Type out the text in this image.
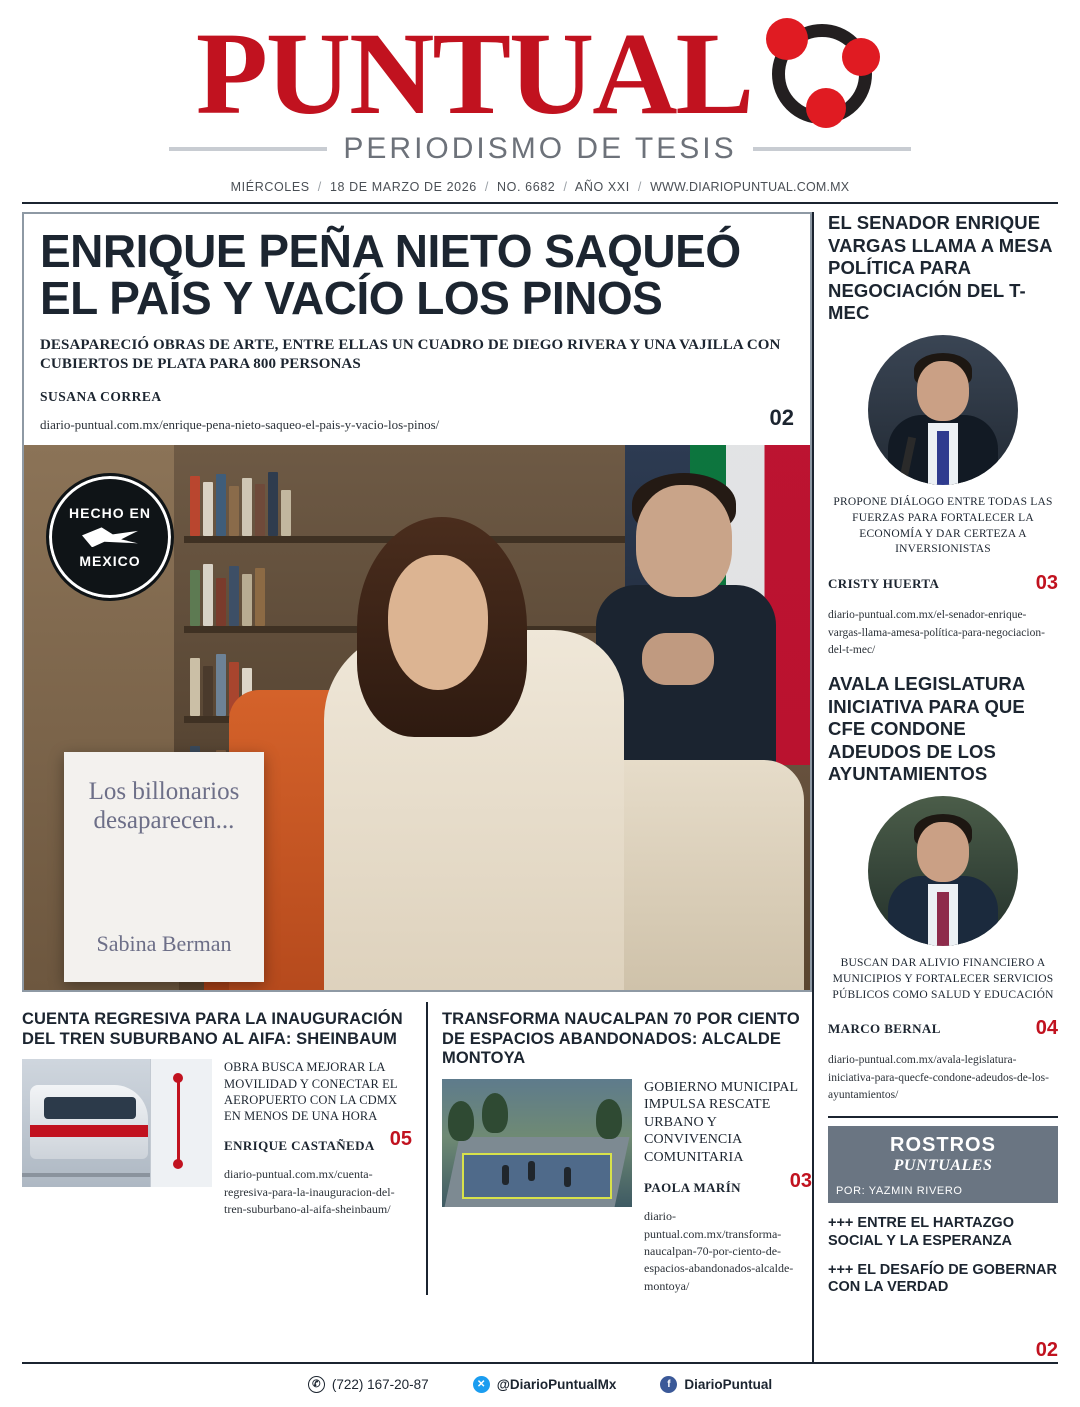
PUNTUAL
PERIODISMO DE TESIS
MIÉRCOLES / 18 DE MARZO DE 2026 / NO. 6682 / AÑO XXI / WWW.DIARIOPUNTUAL.COM.MX
ENRIQUE PEÑA NIETO SAQUEÓ
EL PAÍS Y VACÍO LOS PINOS
DESAPARECIÓ OBRAS DE ARTE, ENTRE ELLAS UN CUADRO DE DIEGO RIVERA Y UNA VAJILLA CON CUBIERTOS DE PLATA PARA 800 PERSONAS
SUSANA CORREA
diario-puntual.com.mx/enrique-pena-nieto-saqueo-el-pais-y-vacio-los-pinos/	02
Los billonarios desaparecen...
Sabina Berman
HECHO EN
MEXICO
CUENTA REGRESIVA PARA LA INAUGURACIÓN DEL TREN SUBURBANO AL AIFA: SHEINBAUM
OBRA BUSCA MEJORAR LA MOVILIDAD Y CONECTAR EL AEROPUERTO CON LA CDMX EN MENOS DE UNA HORA
ENRIQUE CASTAÑEDA 05
diario-puntual.com.mx/cuenta-regresiva-para-la-inauguracion-del-tren-suburbano-al-aifa-sheinbaum/
TRANSFORMA NAUCALPAN 70 POR CIENTO DE ESPACIOS ABANDONADOS: ALCALDE MONTOYA
GOBIERNO MUNICIPAL IMPULSA RESCATE URBANO Y CONVIVENCIA COMUNITARIA
PAOLA MARÍN 03
diario-puntual.com.mx/transforma-naucalpan-70-por-ciento-de-espacios-abandonados-alcalde-montoya/
EL SENADOR ENRIQUE VARGAS LLAMA A MESA POLÍTICA PARA NEGOCIACIÓN DEL T-MEC
PROPONE DIÁLOGO ENTRE TODAS LAS FUERZAS PARA FORTALECER LA ECONOMÍA Y DAR CERTEZA A INVERSIONISTAS
CRISTY HUERTA	03
diario-puntual.com.mx/el-senador-enrique-vargas-llama-amesa-política-para-negociacion-del-t-mec/
AVALA LEGISLATURA INICIATIVA PARA QUE CFE CONDONE ADEUDOS DE LOS AYUNTAMIENTOS
BUSCAN DAR ALIVIO FINANCIERO A MUNICIPIOS Y FORTALECER SERVICIOS PÚBLICOS COMO SALUD Y EDUCACIÓN
MARCO BERNAL	04
diario-puntual.com.mx/avala-legislatura-iniciativa-para-quecfe-condone-adeudos-de-los-ayuntamientos/
ROSTROS
PUNTUALES
POR: YAZMIN RIVERO
+++ ENTRE EL HARTAZGO SOCIAL Y LA ESPERANZA
+++ EL DESAFÍO DE GOBERNAR CON LA VERDAD
02
✆ (722) 167-20-87	✕ @DiarioPuntualMx	f	DiarioPuntual
